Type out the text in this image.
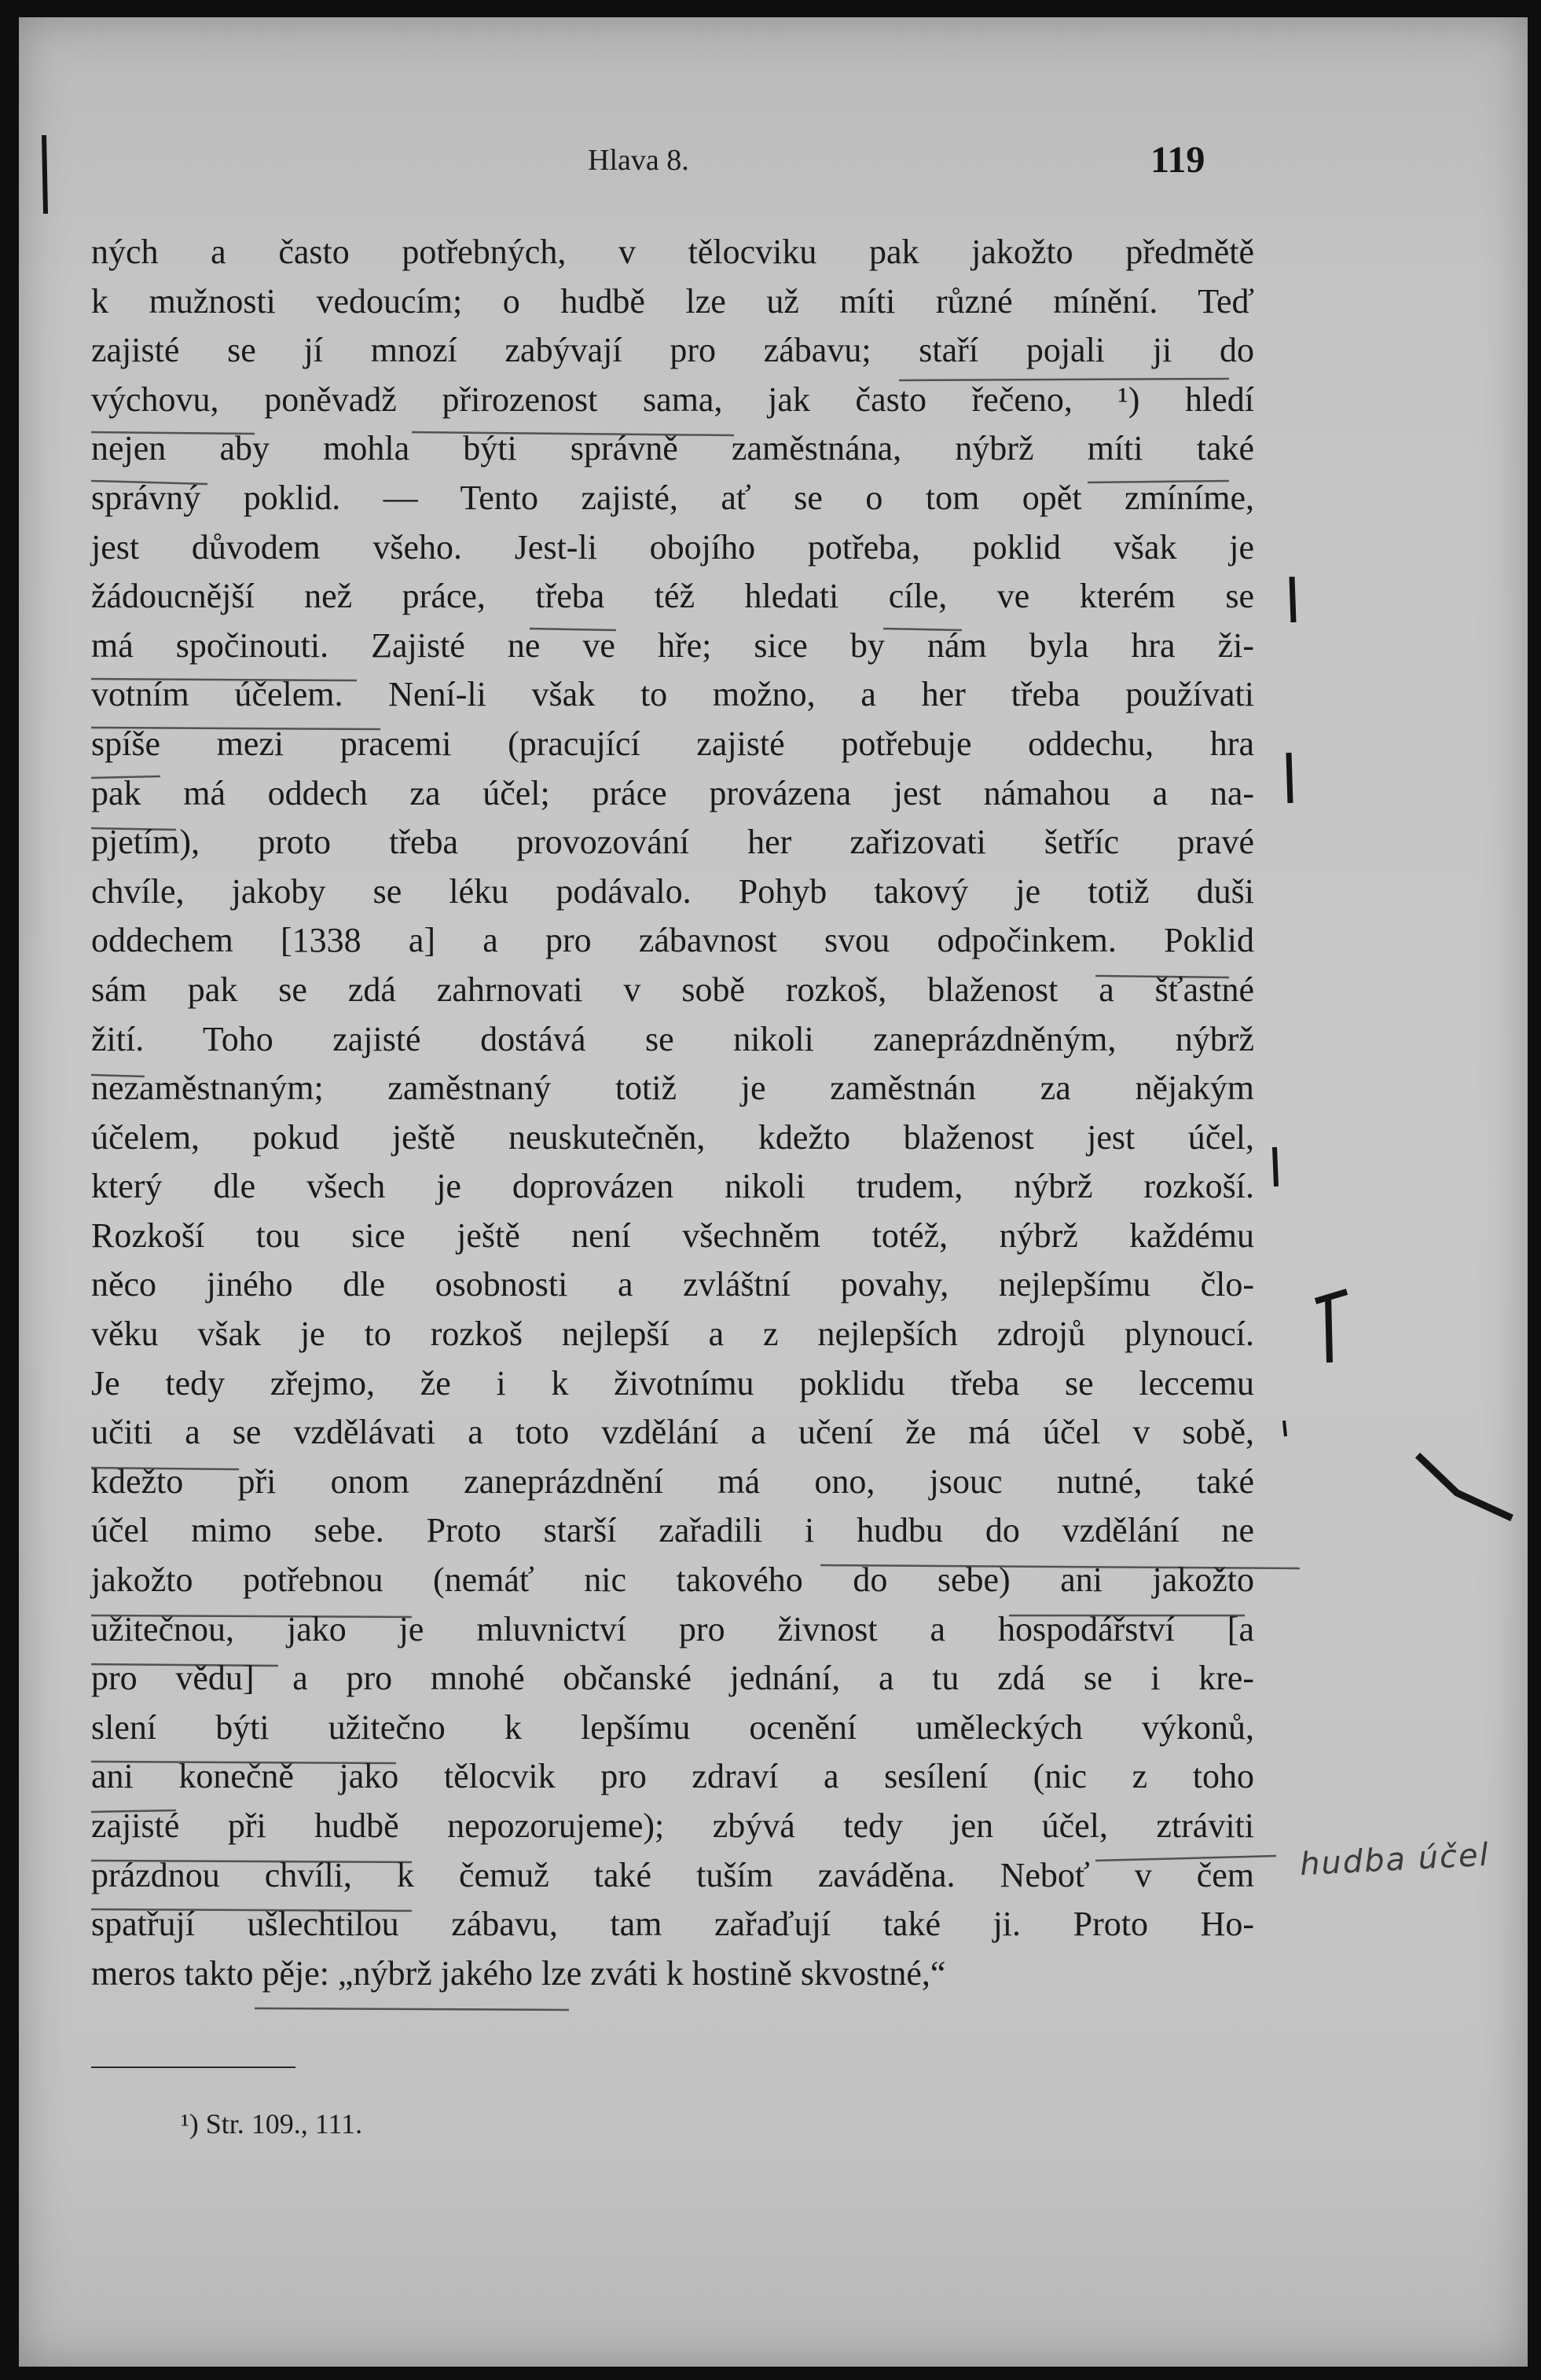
Hlava 8.	119
ných a často potřebných, v tělocviku pak jakožto předmětě
k mužnosti vedoucím; o hudbě lze už míti různé mínění. Teď
zajisté se jí mnozí zabývají pro zábavu; staří pojali ji do
výchovu, poněvadž přirozenost sama, jak často řečeno, ¹) hledí
nejen aby mohla býti správně zaměstnána, nýbrž míti také
správný poklid. — Tento zajisté, ať se o tom opět zmíníme,
jest důvodem všeho. Jest-li obojího potřeba, poklid však je
žádoucnější než práce, třeba též hledati cíle, ve kterém se
má spočinouti. Zajisté ne ve hře; sice by nám byla hra ži-
votním účelem. Není-li však to možno, a her třeba používati
spíše mezi pracemi (pracující zajisté potřebuje oddechu, hra
pak má oddech za účel; práce provázena jest námahou a na-
pjetím), proto třeba provozování her zařizovati šetříc pravé
chvíle, jakoby se léku podávalo. Pohyb takový je totiž duši
oddechem [1338 a] a pro zábavnost svou odpočinkem. Poklid
sám pak se zdá zahrnovati v sobě rozkoš, blaženost a šťastné
žití. Toho zajisté dostává se nikoli zaneprázdněným, nýbrž
nezaměstnaným; zaměstnaný totiž je zaměstnán za nějakým
účelem, pokud ještě neuskutečněn, kdežto blaženost jest účel,
který dle všech je doprovázen nikoli trudem, nýbrž rozkoší.
Rozkoší tou sice ještě není všechněm totéž, nýbrž každému
něco jiného dle osobnosti a zvláštní povahy, nejlepšímu člo-
věku však je to rozkoš nejlepší a z nejlepších zdrojů plynoucí.
Je tedy zřejmo, že i k životnímu poklidu třeba se leccemu
učiti a se vzdělávati a toto vzdělání a učení že má účel v sobě,
kdežto při onom zaneprázdnění má ono, jsouc nutné, také
účel mimo sebe. Proto starší zařadili i hudbu do vzdělání ne
jakožto potřebnou (nemáť nic takového do sebe) ani jakožto
užitečnou, jako je mluvnictví pro živnost a hospodářství [a
pro vědu] a pro mnohé občanské jednání, a tu zdá se i kre-
slení býti užitečno k lepšímu ocenění uměleckých výkonů,
ani konečně jako tělocvik pro zdraví a sesílení (nic z toho
zajisté při hudbě nepozorujeme); zbývá tedy jen účel, ztráviti
prázdnou chvíli, k čemuž také tuším zaváděna. Neboť v čem
spatřují ušlechtilou zábavu, tam zařaďují také ji. Proto Ho-
meros takto pěje: „nýbrž jakého lze zváti k hostině skvostné,“
¹) Str. 109., 111.
hudba účel
